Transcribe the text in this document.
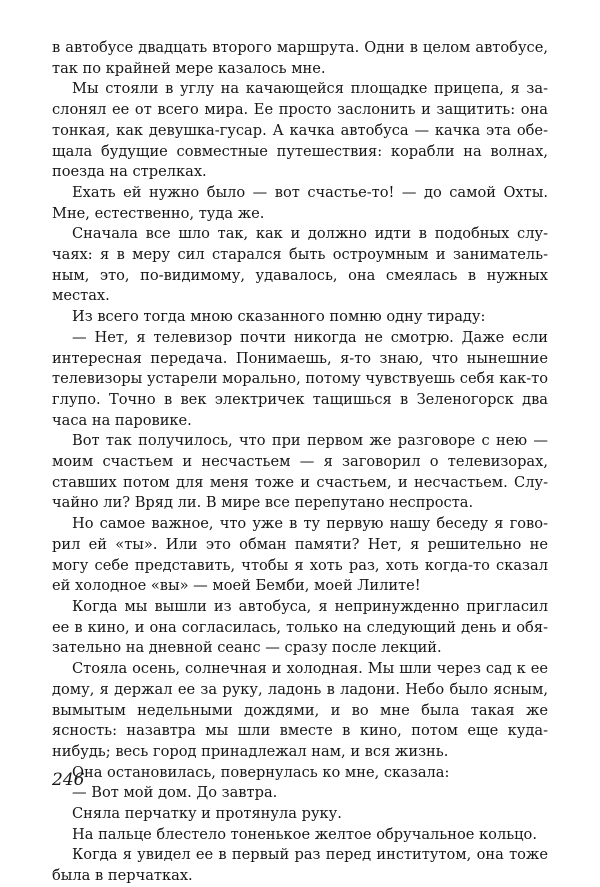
в автобусе двадцать второго маршрута. Одни в целом автобусе, так по крайней мере казалось мне.

Мы стояли в углу на качающейся площадке прицепа, я заслонял ее от всего мира. Ее просто заслонить и защитить: она тонкая, как девушка-гусар. А качка автобуса — качка эта обещала будущие совместные путешествия: корабли на волнах, поезда на стрелках.

Ехать ей нужно было — вот счастье-то! — до самой Охты. Мне, естественно, туда же.

Сначала все шло так, как и должно идти в подобных случаях: я в меру сил старался быть остроумным и занимательным, это, по-видимому, удавалось, она смеялась в нужных местах.

Из всего тогда мною сказанного помню одну тираду:

— Нет, я телевизор почти никогда не смотрю. Даже если интересная передача. Понимаешь, я-то знаю, что нынешние телевизоры устарели морально, потому чувствуешь себя как-то глупо. Точно в век электричек тащишься в Зеленогорск два часа на паровике.

Вот так получилось, что при первом же разговоре с нею — моим счастьем и несчастьем — я заговорил о телевизорах, ставших потом для меня тоже и счастьем, и несчастьем. Случайно ли? Вряд ли. В мире все перепутано неспроста.

Но самое важное, что уже в ту первую нашу беседу я говорил ей «ты». Или это обман памяти? Нет, я решительно не могу себе представить, чтобы я хоть раз, хоть когда-то сказал ей холодное «вы» — моей Бемби, моей Лилите!

Когда мы вышли из автобуса, я непринужденно пригласил ее в кино, и она согласилась, только на следующий день и обязательно на дневной сеанс — сразу после лекций.

Стояла осень, солнечная и холодная. Мы шли через сад к ее дому, я держал ее за руку, ладонь в ладони. Небо было ясным, вымытым недельными дождями, и во мне была такая же ясность: назавтра мы шли вместе в кино, потом еще куданибудь; весь город принадлежал нам, и вся жизнь.

Она остановилась, повернулась ко мне, сказала:

— Вот мой дом. До завтра.

Сняла перчатку и протянула руку.

На пальце блестело тоненькое желтое обручальное кольцо.

Когда я увидел ее в первый раз перед институтом, она тоже была в перчатках.

246
